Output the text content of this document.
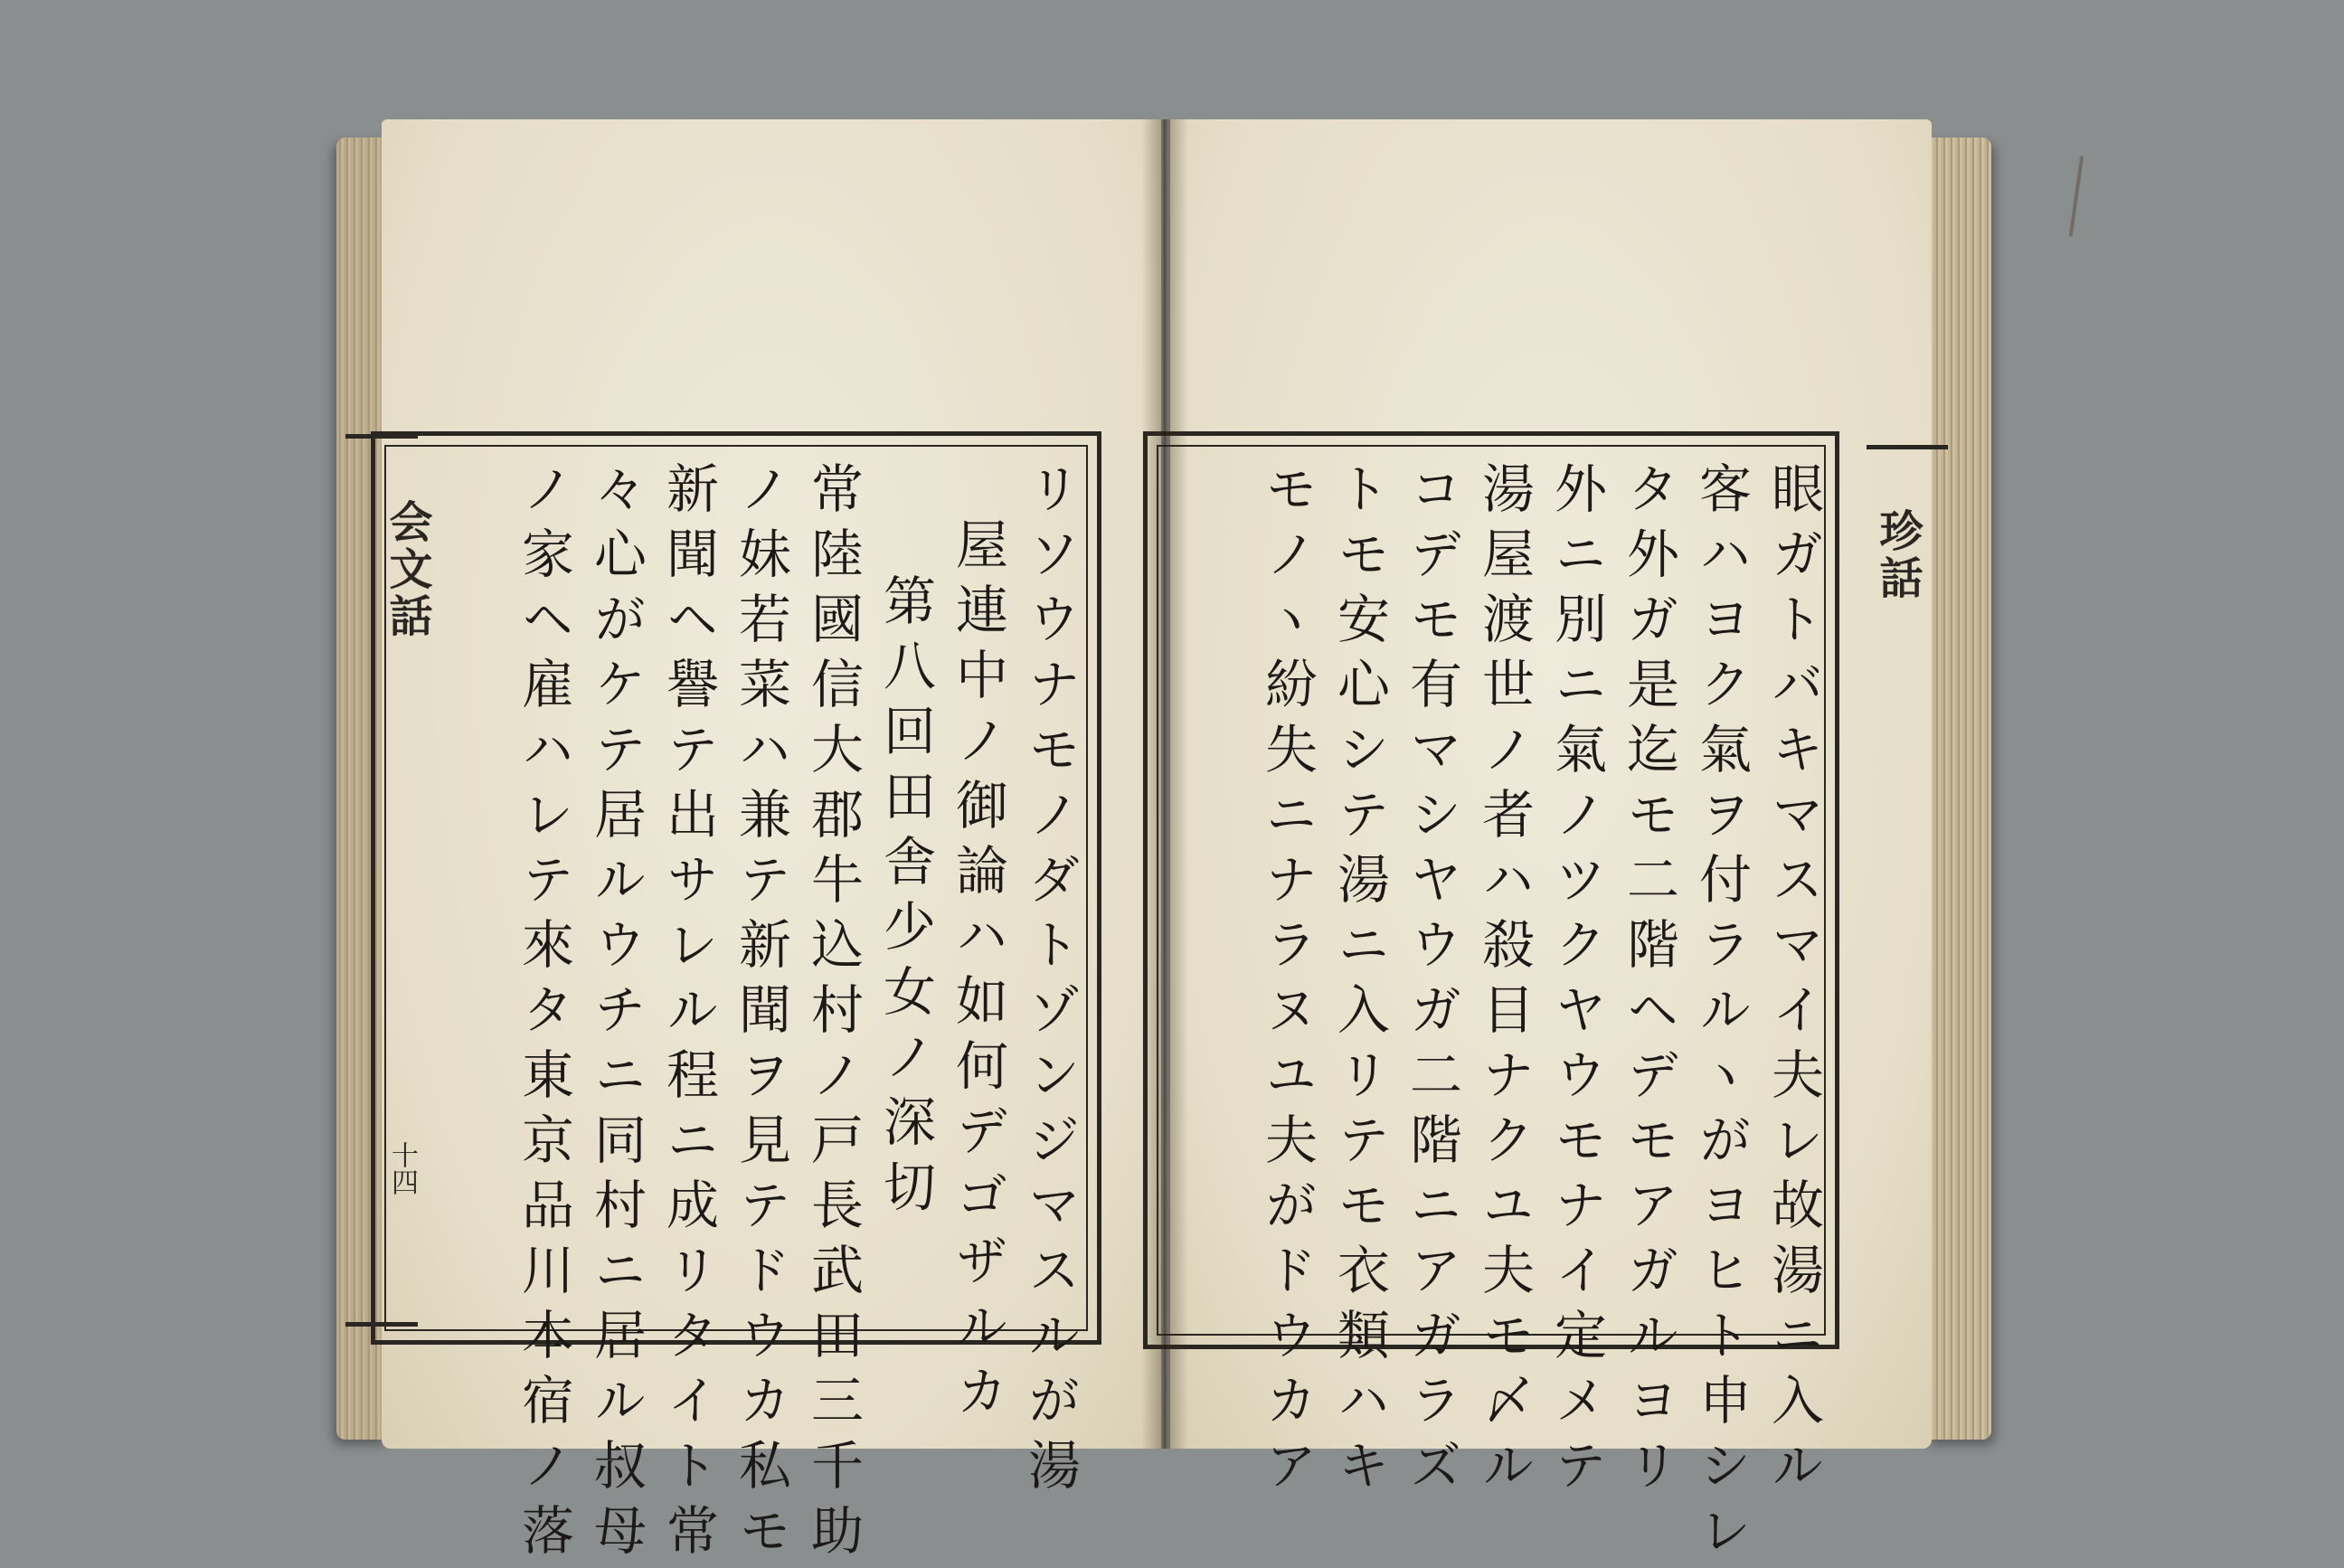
会文話
十四	リソウナモノダトゾンジマスルが湯
屋連中ノ御論ハ如何デゴザルカ
第八回田舎少女ノ深切
常陸國信大郡牛込村ノ戸長武田三千助
ノ妹若菜ハ兼テ新聞ヲ見テドウカ私モ
新聞ヘ譽テ出サレル程ニ成リタイト常
々心がケテ居ルウチニ同村ニ居ル叔母
ノ家ヘ雇ハレテ來タ東京品川本宿ノ落	珍話
眼ガトバキマスマイ夫レ故湯ニ入ル
客ハヨク氣ヲ付ラルヽがヨヒト申シレ
タ外ガ是迄モ二階ヘデモアガルヨリ
外ニ別ニ氣ノツクヤウモナイ定メテ
湯屋渡世ノ者ハ殺目ナクユ夫モ〆ル
コデモ有マシヤウガ二階ニアガラズ
トモ安心シテ湯ニ入リテモ衣類ハキ
モノヽ紛失ニナラヌユ夫がドウカア
